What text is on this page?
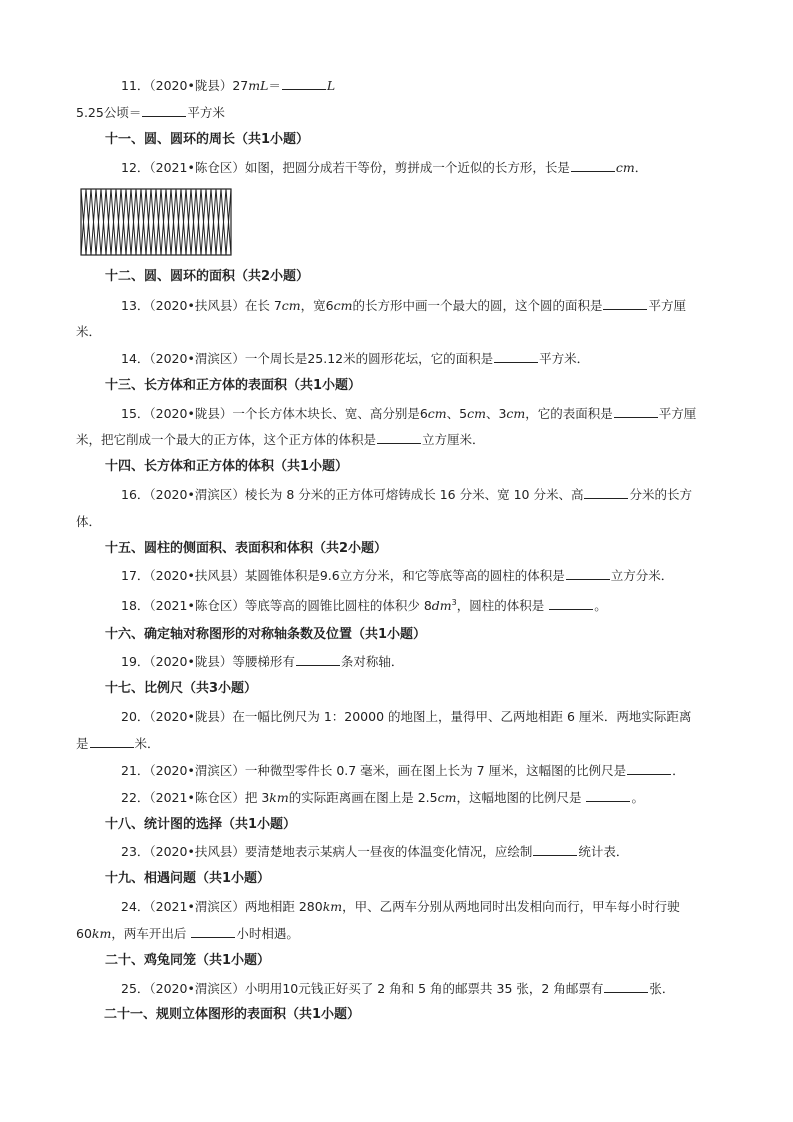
11．（2020•陇县）27mL＝	L
5.25公顷＝	平方米
十一、圆、圆环的周长（共1小题）
12．（2021•陈仓区）如图，把圆分成若干等份，剪拼成一个近似的长方形，长是	cm．
十二、圆、圆环的面积（共2小题）
13．（2020•扶风县）在长 7cm，宽6cm的长方形中画一个最大的圆，这个圆的面积是	平方厘
米．
14．（2020•渭滨区）一个周长是25.12米的圆形花坛，它的面积是	平方米．
十三、长方体和正方体的表面积（共1小题）
15．（2020•陇县）一个长方体木块长、宽、高分别是6cm、5cm、3cm，它的表面积是	平方厘
米，把它削成一个最大的正方体，这个正方体的体积是	立方厘米．
十四、长方体和正方体的体积（共1小题）
16．（2020•渭滨区）棱长为 8 分米的正方体可熔铸成长 16 分米、宽 10 分米、高	分米的长方
体．
十五、圆柱的侧面积、表面积和体积（共2小题）
17．（2020•扶风县）某圆锥体积是9.6立方分米，和它等底等高的圆柱的体积是	立方分米．
18．（2021•陈仓区）等底等高的圆锥比圆柱的体积少 $8dm^3$，圆柱的体积是	。
十六、确定轴对称图形的对称轴条数及位置（共1小题）
19．（2020•陇县）等腰梯形有	条对称轴．
十七、比例尺（共3小题）
20．（2020•陇县）在一幅比例尺为 1：20000 的地图上，量得甲、乙两地相距 6 厘米．两地实际距离
是	米．
21．（2020•渭滨区）一种微型零件长 0.7 毫米，画在图上长为 7 厘米，这幅图的比例尺是	．
22．（2021•陈仓区）把 3km的实际距离画在图上是 2.5cm，这幅地图的比例尺是	。
十八、统计图的选择（共1小题）
23．（2020•扶风县）要清楚地表示某病人一昼夜的体温变化情况，应绘制	统计表．
十九、相遇问题（共1小题）
24．（2021•渭滨区）两地相距 280km，甲、乙两车分别从两地同时出发相向而行，甲车每小时行驶
60km，两车开出后	小时相遇。
二十、鸡兔同笼（共1小题）
25．（2020•渭滨区）小明用10元钱正好买了 2 角和 5 角的邮票共 35 张，2 角邮票有	张．
二十一、规则立体图形的表面积（共1小题）
